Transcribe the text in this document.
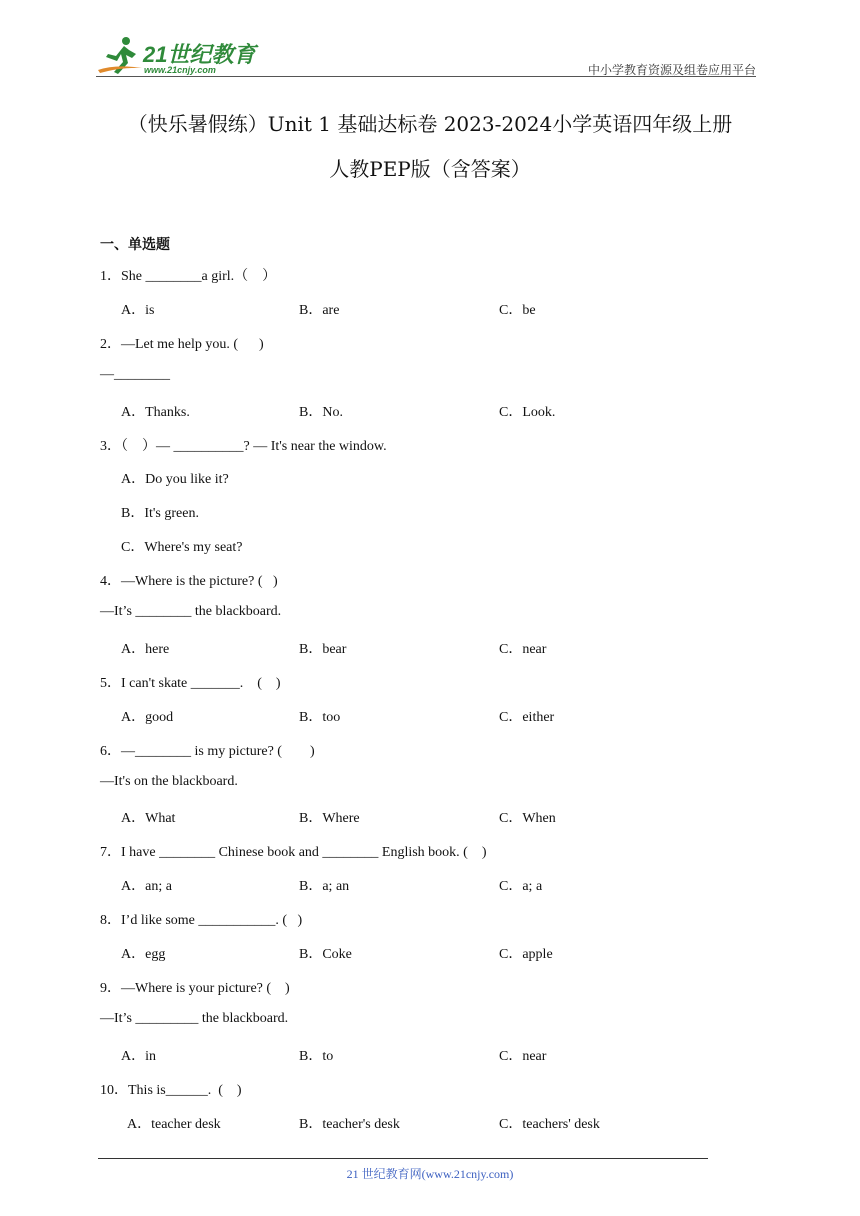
21世纪教育
www.21cnjy.com	中小学教育资源及组卷应用平台
（快乐暑假练）Unit 1 基础达标卷 2023-2024小学英语四年级上册
人教PEP版（含答案）
一、单选题
1．She ________a girl.（    ）
A．is	B．are	C．be
2．—Let me help you. (      )
—________
A．Thanks.	B．No.	C．Look.
3．（    ）— __________? — It's near the window.
A．Do you like it?
B．It's green.
C．Where's my seat?
4．—Where is the picture? (   )
—It’s ________ the blackboard.
A．here	B．bear	C．near
5．I can't skate _______.    (    )
A．good	B．too	C．either
6．—________ is my picture? (        )
—It's on the blackboard.
A．What	B．Where	C．When
7．I have ________ Chinese book and ________ English book. (    )
A．an; a	B．a; an	C．a; a
8．I’d like some ___________. (   )
A．egg	B．Coke	C．apple
9．—Where is your picture? (    )
—It’s _________ the blackboard.
A．in	B．to	C．near
10．This is______.  (    )
A．teacher desk	B．teacher's desk	C．teachers' desk
21 世纪教育网(www.21cnjy.com)
